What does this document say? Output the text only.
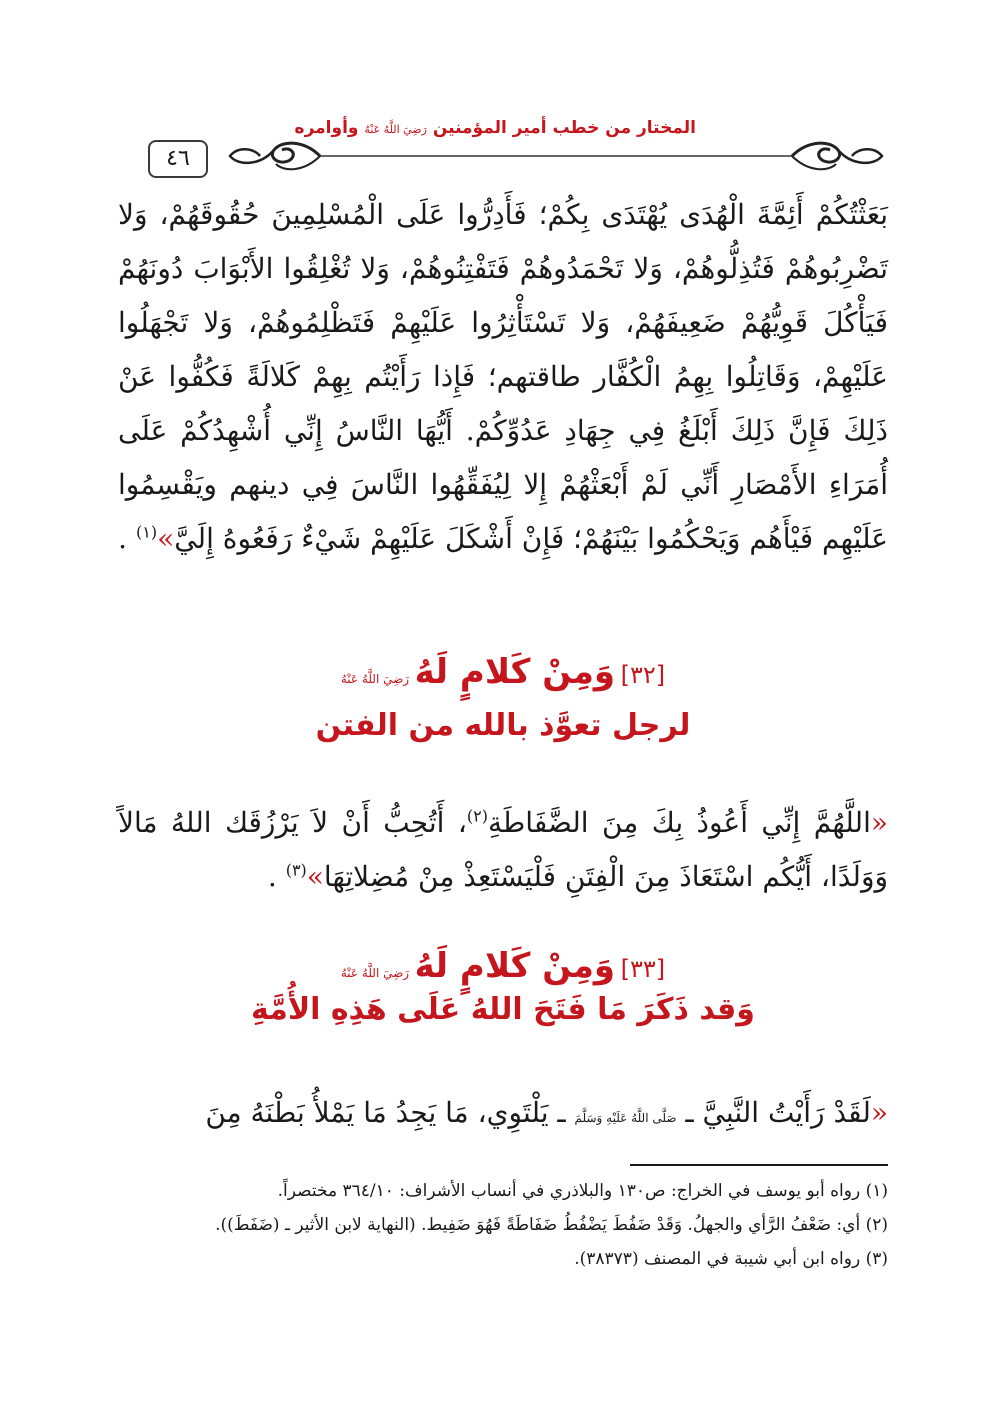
٤٦
المختار من خطب أمير المؤمنين رَضِيَ اللَّهُ عَنْهُ وأوامره
بَعَثْتُكُمْ أَئِمَّةَ الْهُدَى يُهْتَدَى بِكُمْ؛ فَأَدِرُّوا عَلَى الْمُسْلِمِينَ حُقُوقَهُمْ، وَلا تَضْرِبُوهُمْ فَتُذِلُّوهُمْ، وَلا تَحْمَدُوهُمْ فَتَفْتِنُوهُمْ، وَلا تُغْلِقُوا الأَبْوَابَ دُونَهُمْ فَيَأْكُلَ قَوِيُّهُمْ ضَعِيفَهُمْ، وَلا تَسْتَأْثِرُوا عَلَيْهِمْ فَتَظْلِمُوهُمْ، وَلا تَجْهَلُوا عَلَيْهِمْ، وَقَاتِلُوا بِهِمُ الْكُفَّار طاقتهم؛ فَإِذا رَأَيْتُم بِهِمْ كَلالَةً فَكُفُّوا عَنْ ذَلِكَ فَإِنَّ ذَلِكَ أَبْلَغُ فِي جِهَادِ عَدُوِّكُمْ. أَيُّهَا النَّاسُ إِنِّي أُشْهِدُكُمْ عَلَى أُمَرَاءِ الأَمْصَارِ أَنِّي لَمْ أَبْعَثْهُمْ إِلا لِيُفَقِّهُوا النَّاسَ فِي دينهم ويَقْسِمُوا عَلَيْهِم فَيْأَهُم وَيَحْكُمُوا بَيْنَهُمْ؛ فَإِنْ أَشْكَلَ عَلَيْهِمْ شَيْءٌ رَفَعُوهُ إِلَيَّ»$^{(١)}$ .
[٣٢] وَمِنْ كَلامٍ لَهُ رَضِيَ اللَّهُ عَنْهُ
لرجل تعوَّذ بالله من الفتن
«اللَّهُمَّ إِنِّي أَعُوذُ بِكَ مِنَ الضَّفَاطَةِ$^{(٢)}$، أَتُحِبُّ أَنْ لاَ يَرْزُقَك اللهُ مَالاً وَوَلَدًا، أَيُّكُم اسْتَعَاذَ مِنَ الْفِتَنِ فَلْيَسْتَعِذْ مِنْ مُضِلاتِهَا»$^{(٣)}$ .
[٣٣] وَمِنْ كَلامٍ لَهُ رَضِيَ اللَّهُ عَنْهُ
وَقد ذَكَرَ مَا فَتَحَ اللهُ عَلَى هَذِهِ الأُمَّةِ
«لَقَدْ رَأَيْتُ النَّبِيَّ ـ صَلَّى اللَّهُ عَلَيْهِ وَسَلَّمَ ـ يَلْتَوِي، مَا يَجِدُ مَا يَمْلأُ بَطْنَهُ مِنَ
(١) رواه أبو يوسف في الخراج: ص١٣٠ والبلاذري في أنساب الأشراف: ٣٦٤/١٠ مختصراً.
(٢) أي: ضَعْفُ الرَّأي والجهلُ. وَقَدْ ضَفُطَ يَضْفُطُ ضَفَاطَةً فَهُوَ ضَفِيط. (النهاية لابن الأثير ـ (ضَفَطَ)).
(٣) رواه ابن أبي شيبة في المصنف (٣٨٣٧٣).
